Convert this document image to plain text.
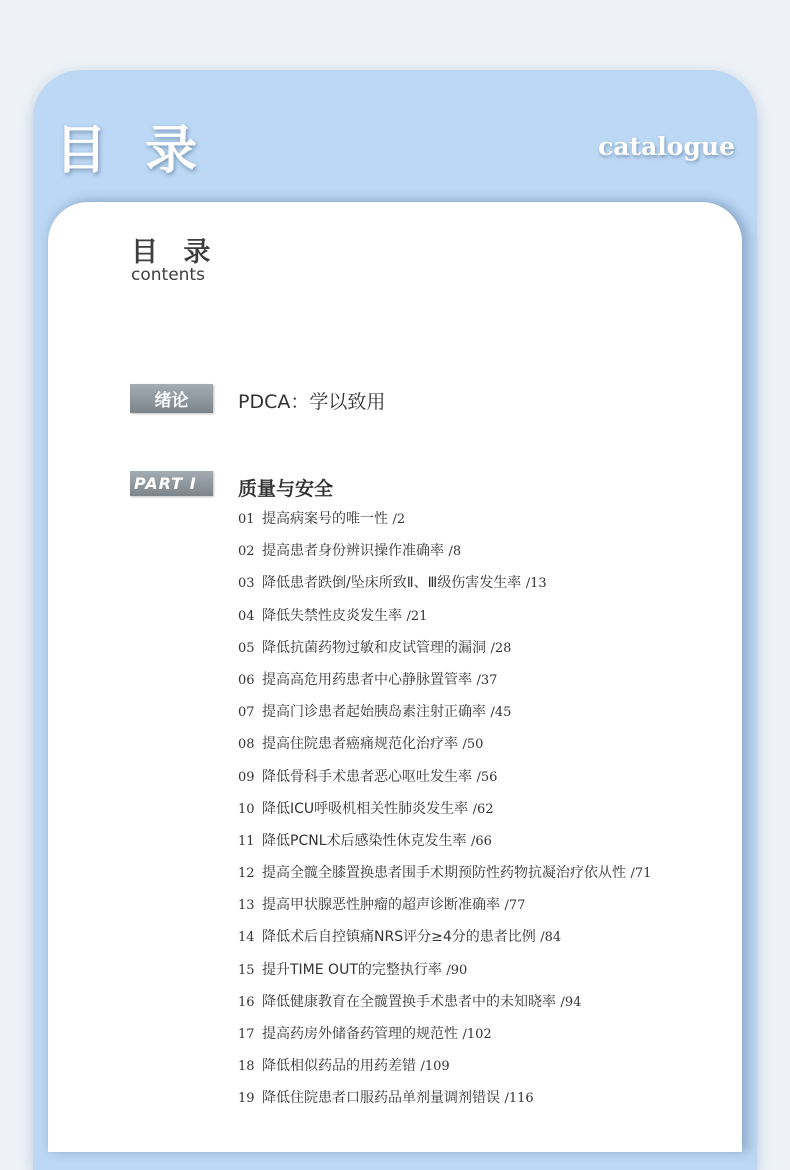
目 录	catalogue
目 录
contents
绪论	PDCA：学以致用
PART Ⅰ	质量与安全
01 提高病案号的唯一性 /2
02 提高患者身份辨识操作准确率 /8
03 降低患者跌倒/坠床所致Ⅱ、Ⅲ级伤害发生率 /13
04 降低失禁性皮炎发生率 /21
05 降低抗菌药物过敏和皮试管理的漏洞 /28
06 提高高危用药患者中心静脉置管率 /37
07 提高门诊患者起始胰岛素注射正确率 /45
08 提高住院患者癌痛规范化治疗率 /50
09 降低骨科手术患者恶心呕吐发生率 /56
10 降低ICU呼吸机相关性肺炎发生率 /62
11 降低PCNL术后感染性休克发生率 /66
12 提高全髋全膝置换患者围手术期预防性药物抗凝治疗依从性 /71
13 提高甲状腺恶性肿瘤的超声诊断准确率 /77
14 降低术后自控镇痛NRS评分≥4分的患者比例 /84
15 提升TIME OUT的完整执行率 /90
16 降低健康教育在全髋置换手术患者中的未知晓率 /94
17 提高药房外储备药管理的规范性 /102
18 降低相似药品的用药差错 /109
19 降低住院患者口服药品单剂量调剂错误 /116
